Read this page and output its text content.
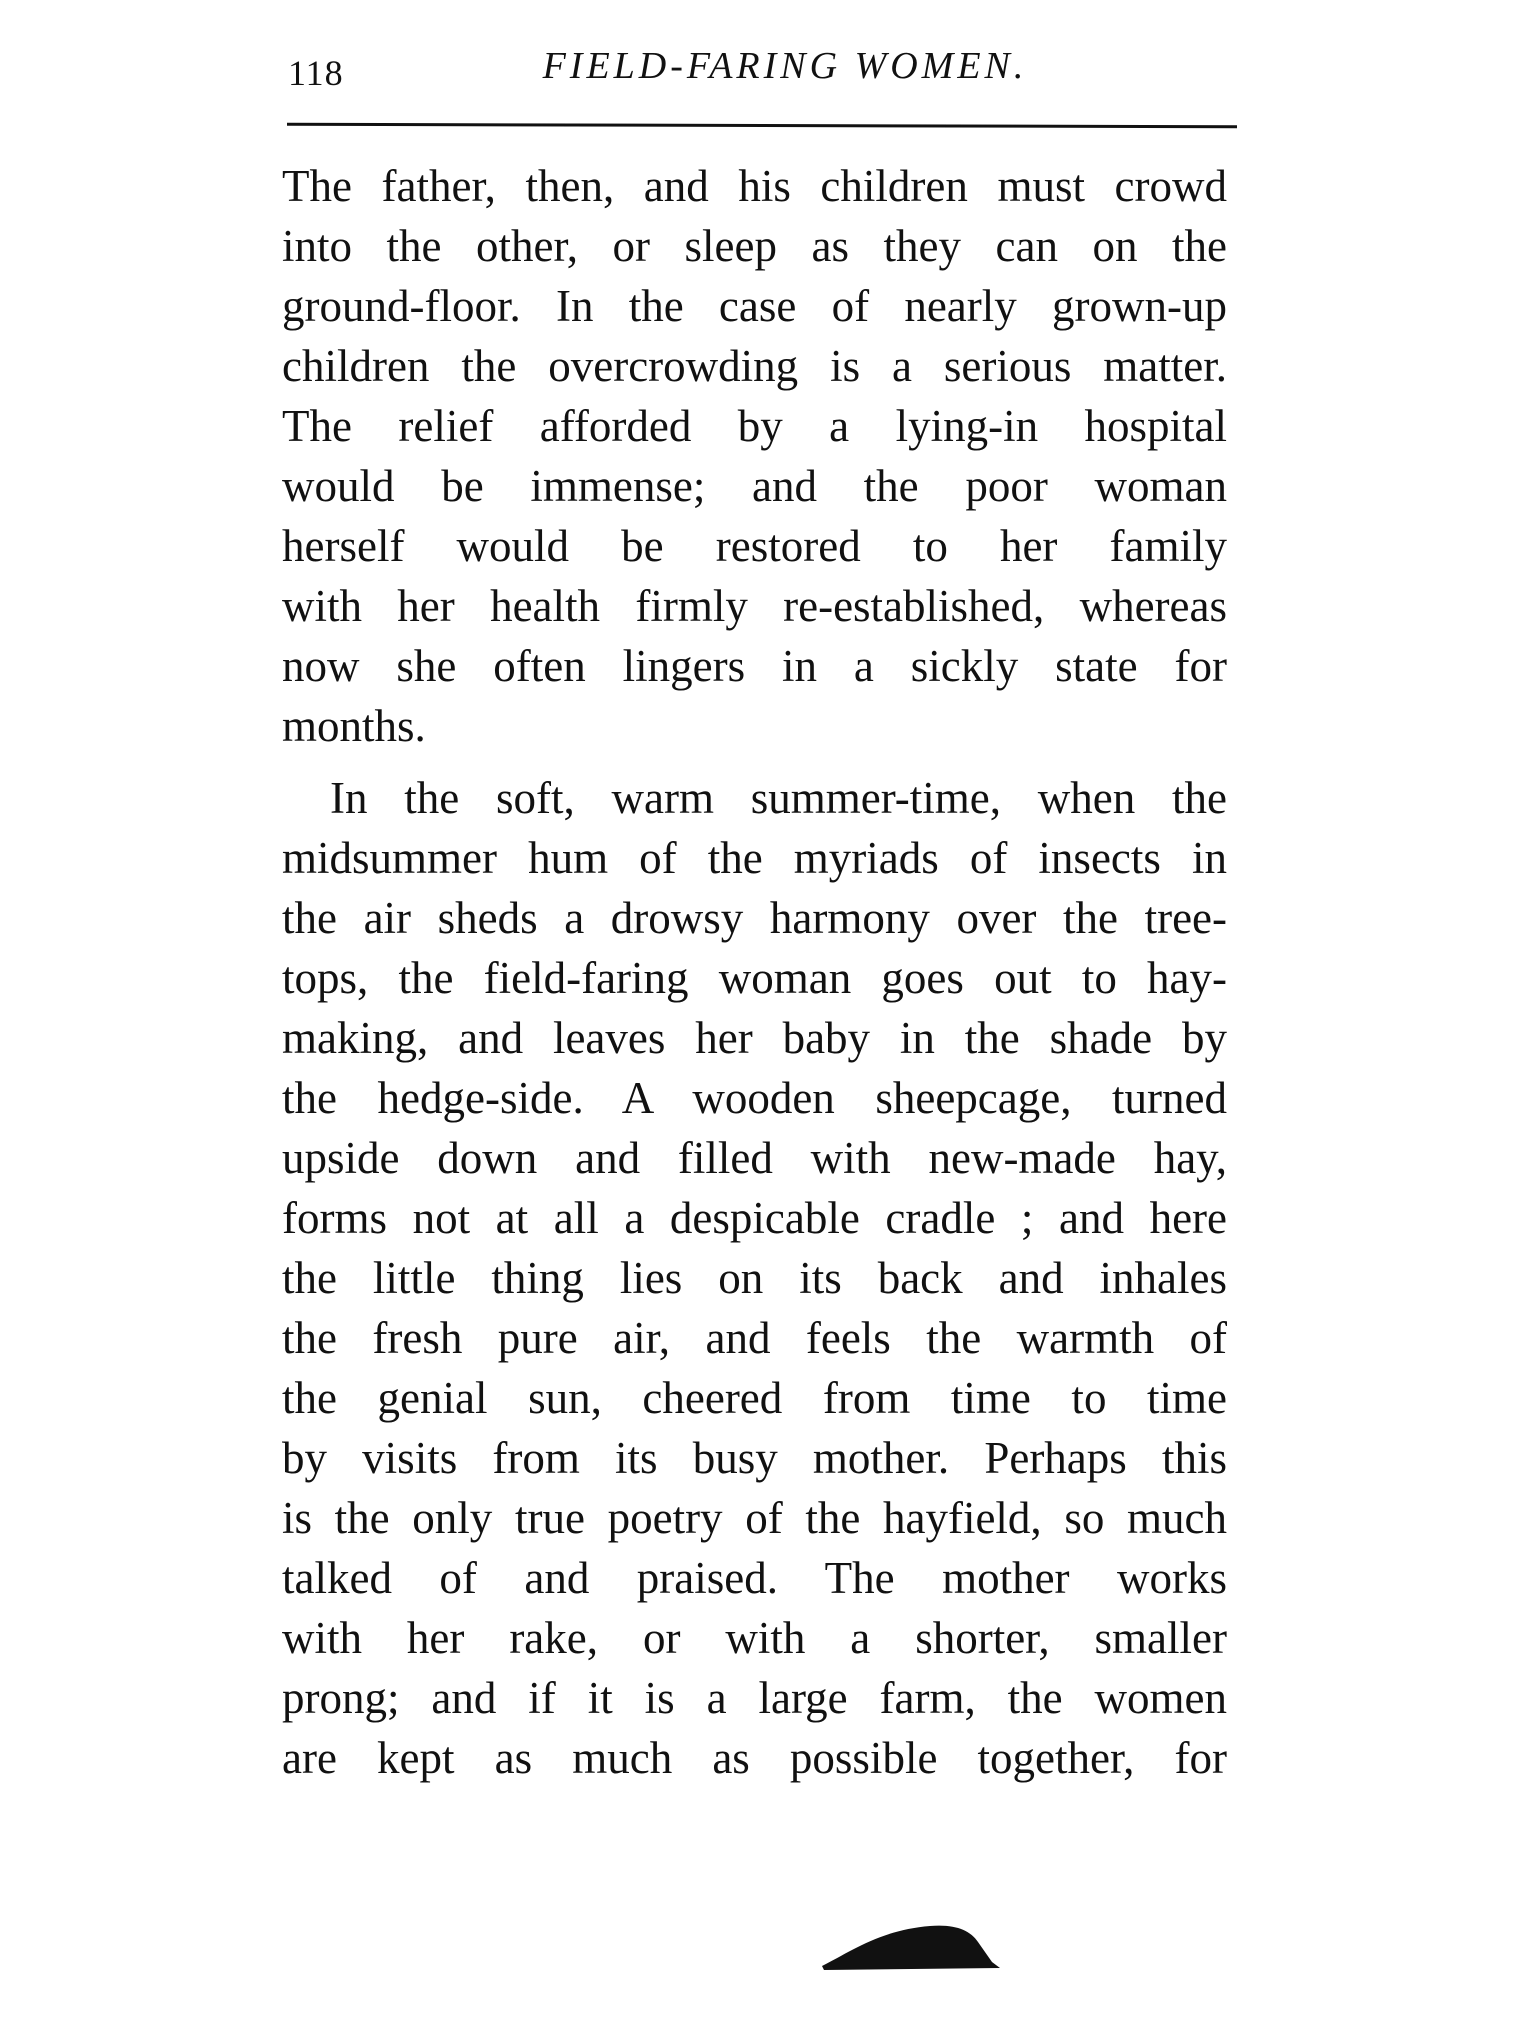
118	FIELD-FARING WOMEN.
The father, then, and his children must crowd
into the other, or sleep as they can on the
ground-floor. In the case of nearly grown-up
children the overcrowding is a serious matter.
The relief afforded by a lying-in hospital
would be immense; and the poor woman
herself would be restored to her family
with her health firmly re-established, whereas
now she often lingers in a sickly state for
months.
In the soft, warm summer-time, when the
midsummer hum of the myriads of insects in
the air sheds a drowsy harmony over the tree-
tops, the field-faring woman goes out to hay-
making, and leaves her baby in the shade by
the hedge-side. A wooden sheepcage, turned
upside down and filled with new-made hay,
forms not at all a despicable cradle ; and here
the little thing lies on its back and inhales
the fresh pure air, and feels the warmth of
the genial sun, cheered from time to time
by visits from its busy mother. Perhaps this
is the only true poetry of the hayfield, so much
talked of and praised. The mother works
with her rake, or with a shorter, smaller
prong; and if it is a large farm, the women
are kept as much as possible together, for
